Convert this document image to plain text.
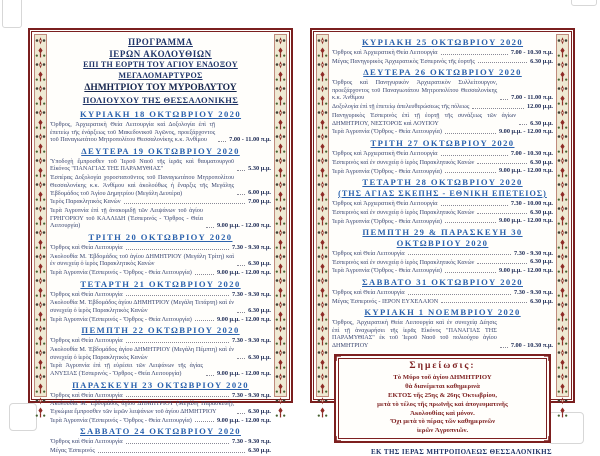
ΠΡΟΓΡΑΜΜΑ
ΙΕΡΩΝ ΑΚΟΛΟΥΘΙΩΝ
ΕΠΙ ΤΗ ΕΟΡΤΗ ΤΟΥ ΑΓΙΟΥ ΕΝΔΟΞΟΥ ΜΕΓΑΛΟΜΑΡΤΥΡΟΣ
ΔΗΜΗΤΡΙΟΥ ΤΟΥ ΜΥΡΟΒΛΥΤΟΥ
ΠΟΛΙΟΥΧΟΥ ΤΗΣ ΘΕΣΣΑΛΟΝΙΚΗΣ
ΚΥΡΙΑΚΗ 18 ΟΚΤΩΒΡΙΟΥ 2020
Ὄρθρος, Ἀρχιερατικὴ Θεία Λειτουργία καὶ Δοξολογία ἐπὶ τῇ ἐπετείῳ τῆς ἐνάρξεως τοῦ Μακεδονικοῦ Ἀγῶνος, προεξάρχοντος τοῦ Παναγιωτάτου Μητροπολίτου Θεσσαλονίκης κ.κ. Ἀνθίμου	7.00 - 11.00 π.μ.
ΔΕΥΤΕΡΑ 19 ΟΚΤΩΒΡΙΟΥ 2020
Ὑποδοχὴ ἔμπροσθεν τοῦ Ἱεροῦ Ναοῦ τῆς ἱερᾶς καὶ θαυματουργοῦ Εἰκόνος "ΠΑΝΑΓΙΑΣ ΤΗΣ ΠΑΡΑΜΥΘΙΑΣ"	5.30 μ.μ.
Ἑσπέρας Δοξολογία χοροστατοῦντος τοῦ Παναγιωτάτου Μητροπολίτου Θεσσαλονίκης κ.κ. Ἀνθίμου καὶ ἀκολούθως ἡ ἔναρξις τῆς Μεγάλης Ἑβδομάδος τοῦ Ἁγίου Δημητρίου (Μεγάλη Δευτέρα)	6.00 μ.μ.
Ἱερὸς Παρακλητικὸς Κανών	7.00 μ.μ.
Ἱερὰ Ἀγρυπνία ἐπὶ τῇ ἀνακομιδῇ τῶν Λειψάνων τοῦ ἁγίου ΓΡΗΓΟΡΙΟΥ τοῦ ΚΑΛΛΙΔΗ (Ἑσπερινός - Ὄρθρος - Θεία Λειτουργία)	9.00 μ.μ. - 12.00 π.μ.
ΤΡΙΤΗ 20 ΟΚΤΩΒΡΙΟΥ 2020
Ὄρθρος καὶ Θεία Λειτουργία	7.30 - 9.30 π.μ.
Ἀκολουθία Μ. Ἑβδομάδος τοῦ ἁγίου ΔΗΜΗΤΡΙΟΥ (Μεγάλη Τρίτη) καὶ ἐν συνεχείᾳ ὁ ἱερὸς Παρακλητικὸς Κανών	6.30 μ.μ.
Ἱερὰ Ἀγρυπνία (Ἑσπερινός - Ὄρθρος - Θεία Λειτουργία)	9.00 μ.μ. - 12.00 π.μ.
ΤΕΤΑΡΤΗ 21 ΟΚΤΩΒΡΙΟΥ 2020
Ὄρθρος καὶ Θεία Λειτουργία	7.30 - 9.30 π.μ.
Ἀκολουθία Μ. Ἑβδομάδος ἁγίου ΔΗΜΗΤΡΙΟΥ (Μεγάλη Τετάρτη) καὶ ἐν συνεχείᾳ ὁ ἱερὸς Παρακλητικὸς Κανών	6.30 μ.μ.
Ἱερὰ Ἀγρυπνία (Ἑσπερινός - Ὄρθρος - Θεία Λειτουργία)	9.00 μ.μ. - 12.00 π.μ.
ΠΕΜΠΤΗ 22 ΟΚΤΩΒΡΙΟΥ 2020
Ὄρθρος καὶ Θεία Λειτουργία	7.30 - 9.30 π.μ.
Ἀκολουθία Μ. Ἑβδομάδος ἁγίου ΔΗΜΗΤΡΙΟΥ (Μεγάλη Πέμπτη) καὶ ἐν συνεχείᾳ ὁ ἱερὸς Παρακλητικὸς Κανών	6.30 μ.μ.
Ἱερὰ Ἀγρυπνία ἐπὶ τῇ εὑρέσει τῶν Λειψάνων τῆς ἁγίας ΑΝΥΣΙΑΣ (Ἑσπερινός - Ὄρθρος - Θεία Λειτουργία)	9.00 μ.μ. - 12.00 π.μ.
ΠΑΡΑΣΚΕΥΗ 23 ΟΚΤΩΒΡΙΟΥ 2020
Ὄρθρος καὶ Θεία Λειτουργία	7.30 - 9.30 π.μ.
Ἀκολουθία Μ. Ἑβδομάδος ἁγίου ΔΗΜΗΤΡΙΟΥ (Μεγάλη Παρασκευή), Ἐγκώμια ἔμπροσθεν τῶν ἱερῶν λειψάνων τοῦ ἁγίου ΔΗΜΗΤΡΙΟΥ	6.30 μ.μ.
Ἱερὰ Ἀγρυπνία (Ἑσπερινός - Ὄρθρος - Θεία Λειτουργία)	9.00 μ.μ. - 12.00 π.μ.
ΣΑΒΒΑΤΟ 24 ΟΚΤΩΒΡΙΟΥ 2020
Ὄρθρος καὶ Θεία Λειτουργία	7.30 - 9.30 π.μ.
Μέγας Ἑσπερινός	6.30 μ.μ.
ΚΥΡΙΑΚΗ 25 ΟΚΤΩΒΡΙΟΥ 2020
Ὄρθρος καὶ Ἀρχιερατικὴ Θεία Λειτουργία	7.00 - 10.30 π.μ.
Μέγας Πανηγυρικὸς Ἀρχιερατικὸς Ἑσπερινὸς τῆς ἑορτῆς	6.30 μ.μ.
ΔΕΥΤΕΡΑ 26 ΟΚΤΩΒΡΙΟΥ 2020
Ὄρθρος καὶ Πανηγυρικὸν Ἀρχιερατικὸν Συλλείτουργον, προεξάρχοντος τοῦ Παναγιωτάτου Μητροπολίτου Θεσσαλονίκης κ.κ. Ἀνθίμου	7.00 - 11.00 π.μ.
Δοξολογία ἐπὶ τῇ ἐπετείῳ ἀπελευθερώσεως τῆς πόλεως	12.00 μ.μ.
Πανηγυρικὸς Ἑσπερινὸς ἐπὶ τῇ ἑορτῇ τῆς συνάξεως τῶν ἁγίων ΔΗΜΗΤΡΙΟΥ, ΝΕΣΤΟΡΟΣ καὶ ΛΟΥΠΟΥ	6.30 μ.μ.
Ἱερὰ Ἀγρυπνία (Ὄρθρος - Θεία Λειτουργία)	9.00 μ.μ. - 12.00 π.μ.
ΤΡΙΤΗ 27 ΟΚΤΩΒΡΙΟΥ 2020
Ὄρθρος καὶ Ἀρχιερατικὴ Θεία Λειτουργία	7.00 - 10.30 π.μ.
Ἑσπερινὸς καὶ ἐν συνεχείᾳ ὁ ἱερὸς Παρακλητικὸς Κανών	6.30 μ.μ.
Ἱερὰ Ἀγρυπνία (Ὄρθρος - Θεία Λειτουργία)	9.00 μ.μ. - 12.00 π.μ.
ΤΕΤΑΡΤΗ 28 ΟΚΤΩΒΡΙΟΥ 2020
(ΤΗΣ ΑΓΙΑΣ ΣΚΕΠΗΣ - ΕΘΝΙΚΗ ΕΠΕΤΕΙΟΣ)
Ὄρθρος καὶ Ἀρχιερατικὴ Θεία Λειτουργία	7.30 - 10.00 π.μ.
Ἑσπερινὸς καὶ ἐν συνεχείᾳ ὁ ἱερὸς Παρακλητικὸς Κανών	6.30 μ.μ.
Ἱερὰ Ἀγρυπνία (Ὄρθρος - Θεία Λειτουργία)	9.00 μ.μ. - 12.00 π.μ.
ΠΕΜΠΤΗ 29 & ΠΑΡΑΣΚΕΥΗ 30 ΟΚΤΩΒΡΙΟΥ 2020
Ὄρθρος καὶ Θεία Λειτουργία	7.30 - 9.30 π.μ.
Ἑσπερινὸς καὶ ἐν συνεχείᾳ ὁ ἱερὸς Παρακλητικὸς Κανών	6.30 μ.μ.
Ἱερὰ Ἀγρυπνία (Ὄρθρος - Θεία Λειτουργία)	9.00 μ.μ. - 12.00 π.μ.
ΣΑΒΒΑΤΟ 31 ΟΚΤΩΒΡΙΟΥ 2020
Ὄρθρος καὶ Θεία Λειτουργία	7.30 - 9.30 π.μ.
Μέγας Ἑσπερινός - ΙΕΡΟΝ ΕΥΧΕΛΑΙΟΝ	6.30 μ.μ.
ΚΥΡΙΑΚΗ 1 ΝΟΕΜΒΡΙΟΥ 2020
Ὄρθρος, Ἀρχιερατικὴ Θεία Λειτουργία καὶ ἐν συνεχείᾳ Δέησις ἐπὶ τῇ ἀναχωρήσει τῆς ἱερᾶς Εἰκόνος "ΠΑΝΑΓΙΑΣ ΤΗΣ ΠΑΡΑΜΥΘΙΑΣ" ἐκ τοῦ Ἱεροῦ Ναοῦ τοῦ πολιούχου ἁγίου ΔΗΜΗΤΡΙΟΥ	7.00 - 10.30 π.μ.
Σημείωσις:
Τὸ Μύρο τοῦ ἁγίου ΔΗΜΗΤΡΙΟΥ
θὰ διανέμεται καθημερινὰ
ΕΚΤΟΣ τῆς 25ης & 26ης Ὀκτωβρίου,
μετὰ τὸ τέλος τῆς πρωϊνῆς καὶ ἀπογευματινῆς
Ἀκολουθίας καὶ μόνον.
Ὄχι μετὰ τὸ πέρας τῶν καθημερινῶν
ἱερῶν Ἀγρυπνιῶν.
ΕΚ ΤΗΣ ΙΕΡΑΣ ΜΗΤΡΟΠΟΛΕΩΣ ΘΕΣΣΑΛΟΝΙΚΗΣ
